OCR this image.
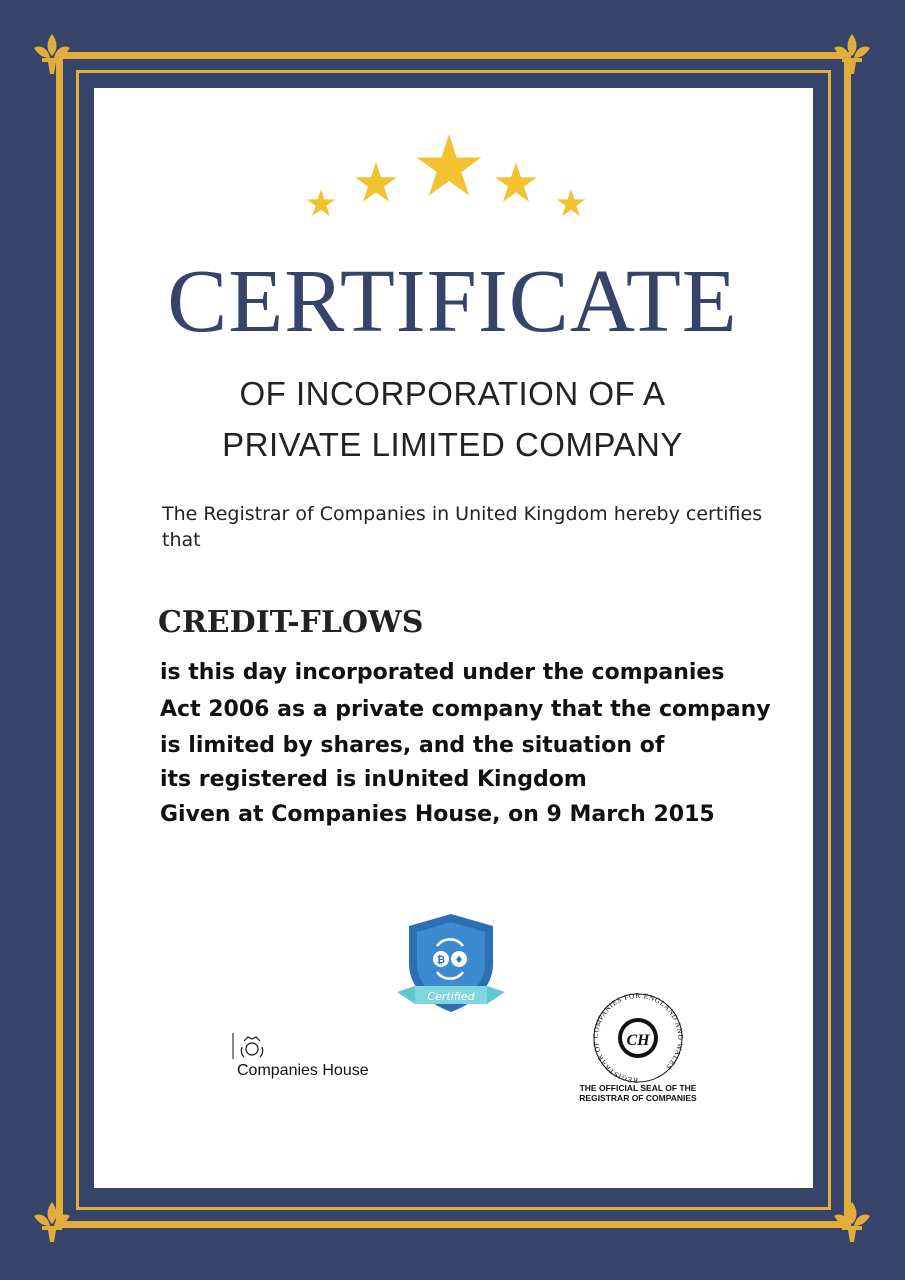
CERTIFICATE
OF INCORPORATION OF A
PRIVATE LIMITED COMPANY
The Registrar of Companies in United Kingdom hereby certifies that
CREDIT-FLOWS
is this day incorporated under the companies
Act 2006 as a private company that the company
is limited by shares, and the situation of
its registered is inUnited Kingdom
Given at Companies House, on 9 March 2015
₿ ♦
Certified
Companies House
REGISTRAR OF COMPANIES FOR ENGLAND AND WALES
CH
THE OFFICIAL SEAL OF THE
REGISTRAR OF COMPANIES
